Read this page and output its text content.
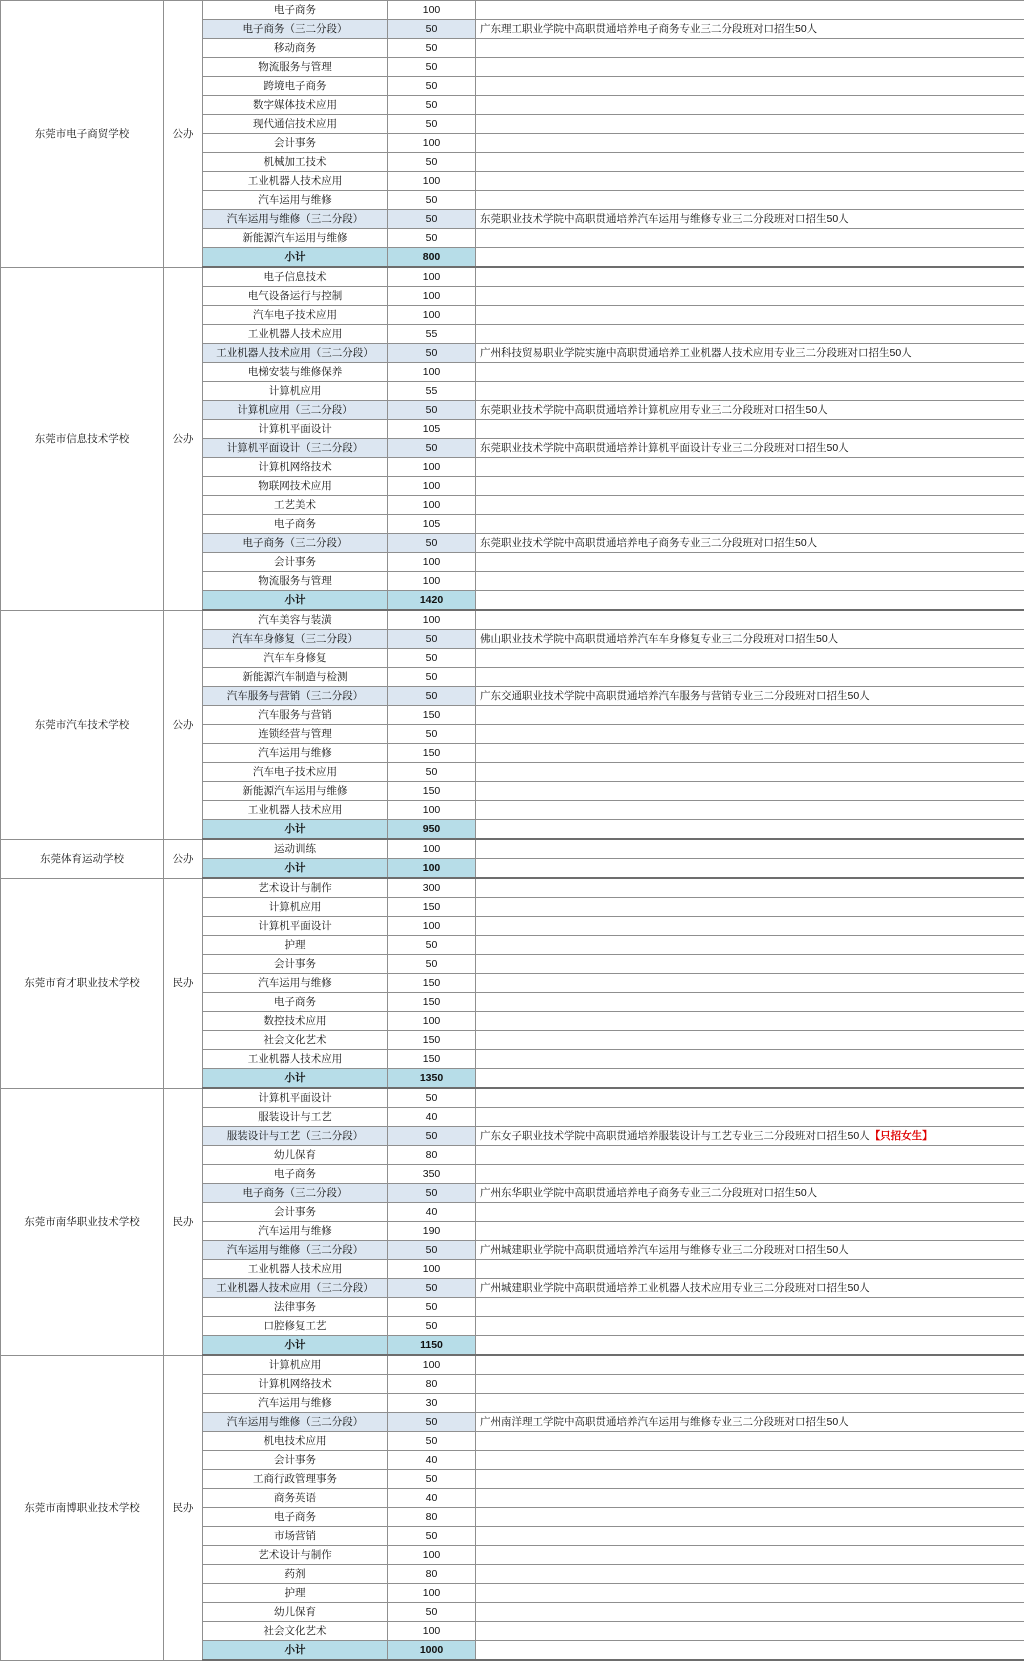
东莞市电子商贸学校	公办	电子商务	100	
		电子商务（三二分段）	50	广东理工职业学院中高职贯通培养电子商务专业三二分段班对口招生50人
		移动商务	50	
		物流服务与管理	50	
		跨境电子商务	50	
		数字媒体技术应用	50	
		现代通信技术应用	50	
		会计事务	100	
		机械加工技术	50	
		工业机器人技术应用	100	
		汽车运用与维修	50	
		汽车运用与维修（三二分段）	50	东莞职业技术学院中高职贯通培养汽车运用与维修专业三二分段班对口招生50人
		新能源汽车运用与维修	50	
		小计	800	
东莞市信息技术学校	公办	电子信息技术	100	
		电气设备运行与控制	100	
		汽车电子技术应用	100	
		工业机器人技术应用	55	
		工业机器人技术应用（三二分段）	50	广州科技贸易职业学院实施中高职贯通培养工业机器人技术应用专业三二分段班对口招生50人
		电梯安装与维修保养	100	
		计算机应用	55	
		计算机应用（三二分段）	50	东莞职业技术学院中高职贯通培养计算机应用专业三二分段班对口招生50人
		计算机平面设计	105	
		计算机平面设计（三二分段）	50	东莞职业技术学院中高职贯通培养计算机平面设计专业三二分段班对口招生50人
		计算机网络技术	100	
		物联网技术应用	100	
		工艺美术	100	
		电子商务	105	
		电子商务（三二分段）	50	东莞职业技术学院中高职贯通培养电子商务专业三二分段班对口招生50人
		会计事务	100	
		物流服务与管理	100	
		小计	1420	
东莞市汽车技术学校	公办	汽车美容与装潢	100	
		汽车车身修复（三二分段）	50	佛山职业技术学院中高职贯通培养汽车车身修复专业三二分段班对口招生50人
		汽车车身修复	50	
		新能源汽车制造与检测	50	
		汽车服务与营销（三二分段）	50	广东交通职业技术学院中高职贯通培养汽车服务与营销专业三二分段班对口招生50人
		汽车服务与营销	150	
		连锁经营与管理	50	
		汽车运用与维修	150	
		汽车电子技术应用	50	
		新能源汽车运用与维修	150	
		工业机器人技术应用	100	
		小计	950	
东莞体育运动学校	公办	运动训练	100	
		小计	100	
东莞市育才职业技术学校	民办	艺术设计与制作	300	
		计算机应用	150	
		计算机平面设计	100	
		护理	50	
		会计事务	50	
		汽车运用与维修	150	
		电子商务	150	
		数控技术应用	100	
		社会文化艺术	150	
		工业机器人技术应用	150	
		小计	1350	
东莞市南华职业技术学校	民办	计算机平面设计	50	
		服装设计与工艺	40	
		服装设计与工艺（三二分段）	50	广东女子职业技术学院中高职贯通培养服装设计与工艺专业三二分段班对口招生50人【只招女生】
		幼儿保育	80	
		电子商务	350	
		电子商务（三二分段）	50	广州东华职业学院中高职贯通培养电子商务专业三二分段班对口招生50人
		会计事务	40	
		汽车运用与维修	190	
		汽车运用与维修（三二分段）	50	广州城建职业学院中高职贯通培养汽车运用与维修专业三二分段班对口招生50人
		工业机器人技术应用	100	
		工业机器人技术应用（三二分段）	50	广州城建职业学院中高职贯通培养工业机器人技术应用专业三二分段班对口招生50人
		法律事务	50	
		口腔修复工艺	50	
		小计	1150	
东莞市南博职业技术学校	民办	计算机应用	100	
		计算机网络技术	80	
		汽车运用与维修	30	
		汽车运用与维修（三二分段）	50	广州南洋理工学院中高职贯通培养汽车运用与维修专业三二分段班对口招生50人
		机电技术应用	50	
		会计事务	40	
		工商行政管理事务	50	
		商务英语	40	
		电子商务	80	
		市场营销	50	
		艺术设计与制作	100	
		药剂	80	
		护理	100	
		幼儿保育	50	
		社会文化艺术	100	
		小计	1000	
